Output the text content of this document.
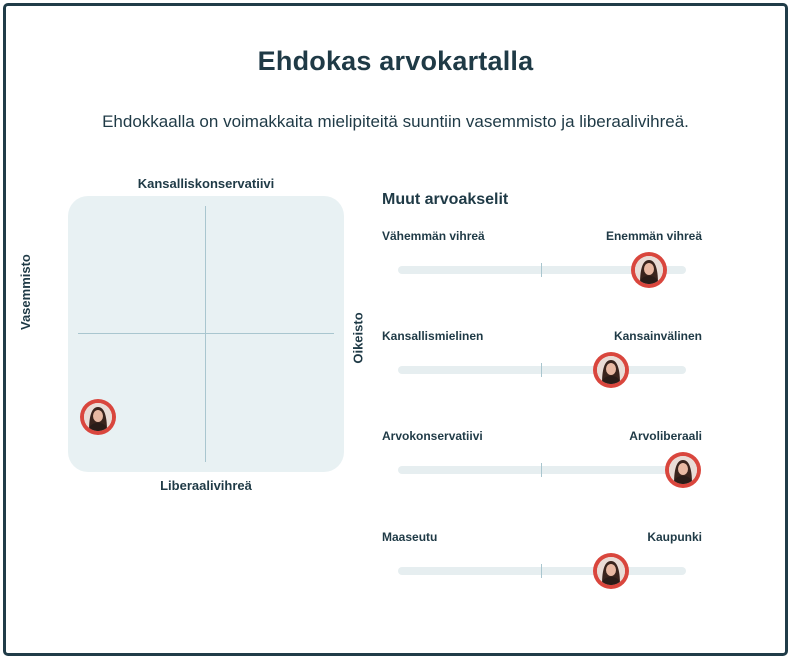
Ehdokas arvokartalla

Ehdokkaalla on voimakkaita mielipiteitä suuntiin vasemmisto ja liberaalivihreä.

Kansalliskonservatiivi
Liberaalivihreä
Vasemmisto
Oikeisto
Muut arvoakselit
Vähemmän vihreä	Enemmän vihreä
Kansallismielinen	Kansainvälinen
Arvokonservatiivi	Arvoliberaali
Maaseutu	Kaupunki
